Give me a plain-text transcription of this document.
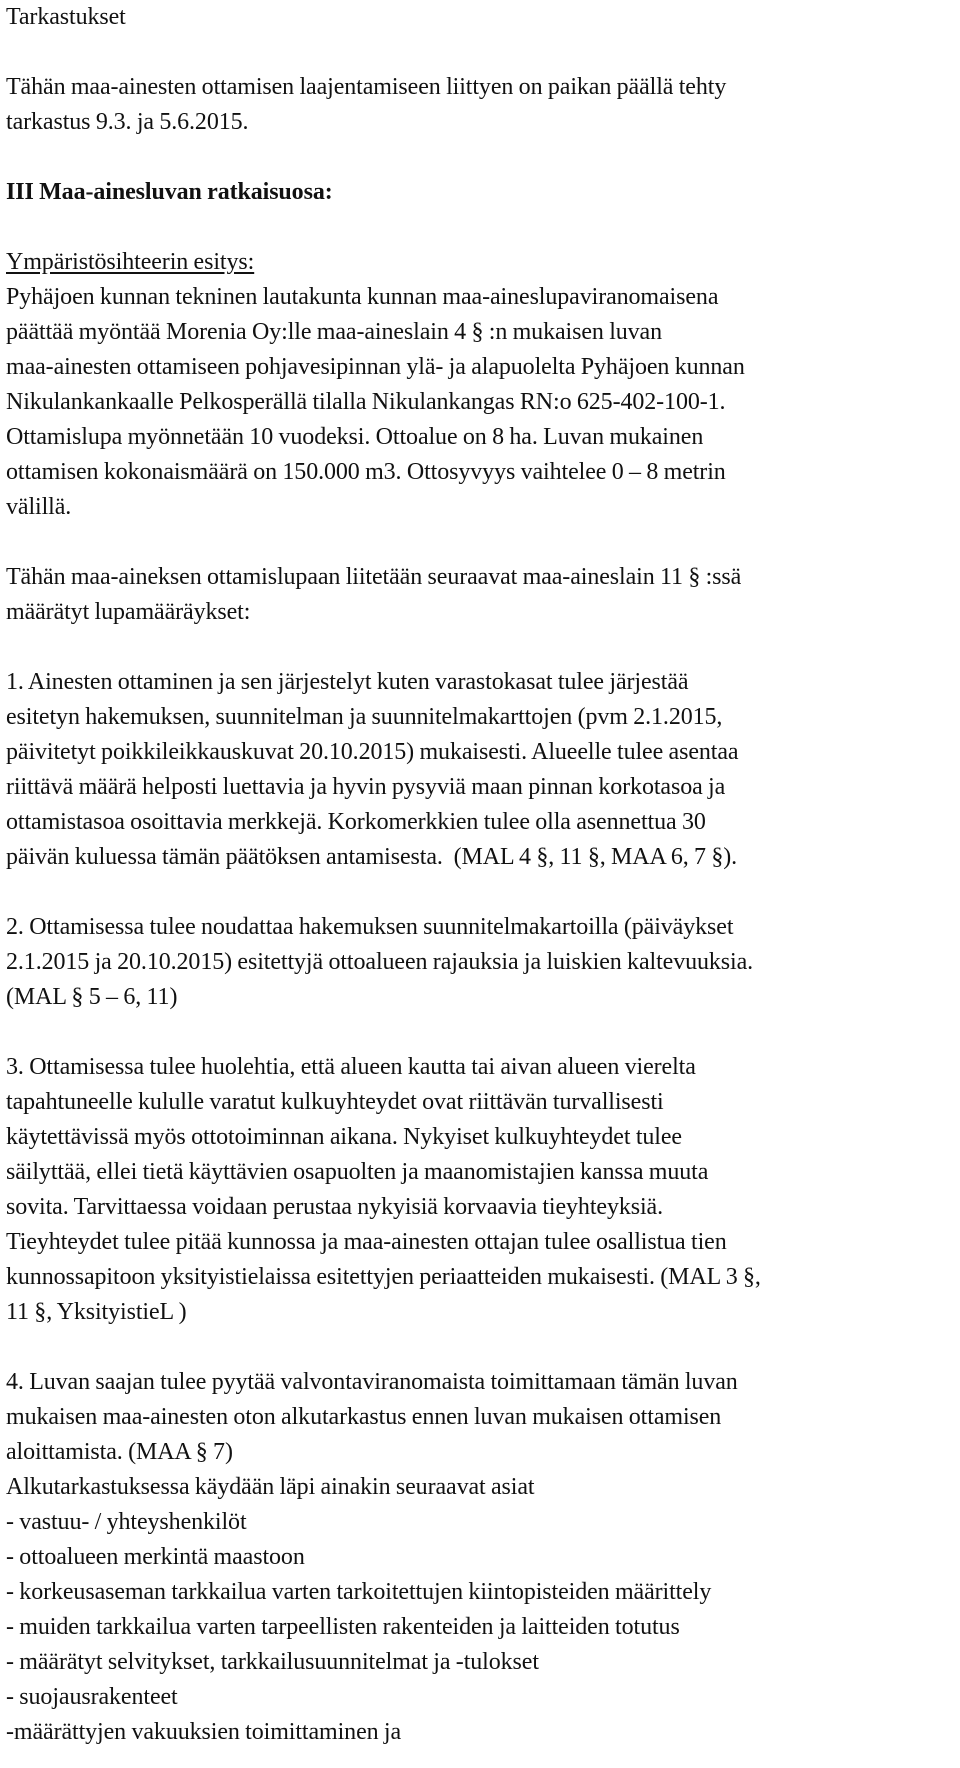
Tarkastukset
Tähän maa-ainesten ottamisen laajentamiseen liittyen on paikan päällä tehty
tarkastus 9.3. ja 5.6.2015.
III Maa-ainesluvan ratkaisuosa:
Ympäristösihteerin esitys:
Pyhäjoen kunnan tekninen lautakunta kunnan maa-aineslupaviranomaisena
päättää myöntää Morenia Oy:lle maa-aineslain 4 § :n mukaisen luvan
maa-ainesten ottamiseen pohjavesipinnan ylä- ja alapuolelta Pyhäjoen kunnan
Nikulankankaalle Pelkosperällä tilalla Nikulankangas RN:o 625-402-100-1.
Ottamislupa myönnetään 10 vuodeksi. Ottoalue on 8 ha. Luvan mukainen
ottamisen kokonaismäärä on 150.000 m3. Ottosyvyys vaihtelee 0 – 8 metrin
välillä.
Tähän maa-aineksen ottamislupaan liitetään seuraavat maa-aineslain 11 § :ssä
määrätyt lupamääräykset:
1. Ainesten ottaminen ja sen järjestelyt kuten varastokasat tulee järjestää
esitetyn hakemuksen, suunnitelman ja suunnitelmakarttojen (pvm 2.1.2015,
päivitetyt poikkileikkauskuvat 20.10.2015) mukaisesti. Alueelle tulee asentaa
riittävä määrä helposti luettavia ja hyvin pysyviä maan pinnan korkotasoa ja
ottamistasoa osoittavia merkkejä. Korkomerkkien tulee olla asennettua 30
päivän kuluessa tämän päätöksen antamisesta.  (MAL 4 §, 11 §, MAA 6, 7 §).
2. Ottamisessa tulee noudattaa hakemuksen suunnitelmakartoilla (päiväykset
2.1.2015 ja 20.10.2015) esitettyjä ottoalueen rajauksia ja luiskien kaltevuuksia.
(MAL § 5 – 6, 11)
3. Ottamisessa tulee huolehtia, että alueen kautta tai aivan alueen vierelta
tapahtuneelle kululle varatut kulkuyhteydet ovat riittävän turvallisesti
käytettävissä myös ottotoiminnan aikana. Nykyiset kulkuyhteydet tulee
säilyttää, ellei tietä käyttävien osapuolten ja maanomistajien kanssa muuta
sovita. Tarvittaessa voidaan perustaa nykyisiä korvaavia tieyhteyksiä.
Tieyhteydet tulee pitää kunnossa ja maa-ainesten ottajan tulee osallistua tien
kunnossapitoon yksityistielaissa esitettyjen periaatteiden mukaisesti. (MAL 3 §,
11 §, YksityistieL )
4. Luvan saajan tulee pyytää valvontaviranomaista toimittamaan tämän luvan
mukaisen maa-ainesten oton alkutarkastus ennen luvan mukaisen ottamisen
aloittamista. (MAA § 7)
Alkutarkastuksessa käydään läpi ainakin seuraavat asiat
- vastuu- / yhteyshenkilöt
- ottoalueen merkintä maastoon
- korkeusaseman tarkkailua varten tarkoitettujen kiintopisteiden määrittely
- muiden tarkkailua varten tarpeellisten rakenteiden ja laitteiden totutus
- määrätyt selvitykset, tarkkailusuunnitelmat ja -tulokset
- suojausrakenteet
-määrättyjen vakuuksien toimittaminen ja
